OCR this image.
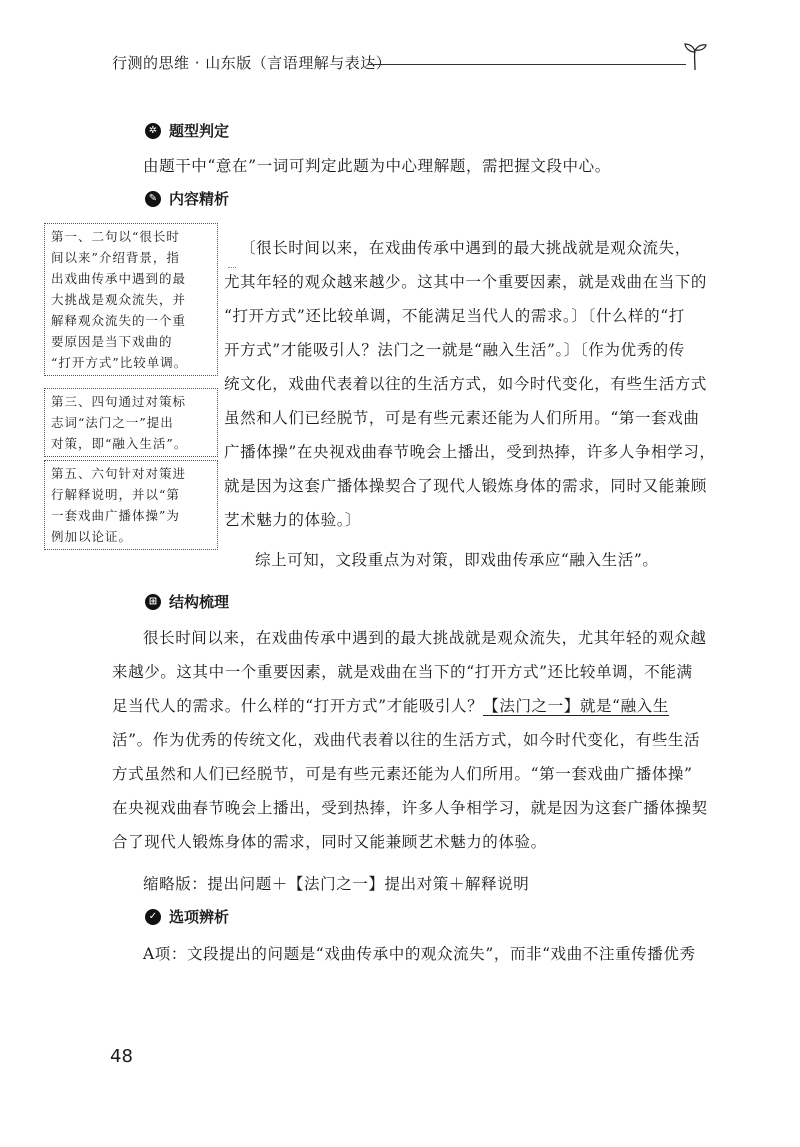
行测的思维 · 山东版（言语理解与表达）
✲ 题型判定
由题干中“意在”一词可判定此题为中心理解题，需把握文段中心。
✎ 内容精析
第一、二句以“很长时
间以来”介绍背景，指
出戏曲传承中遇到的最
大挑战是观众流失，并
解释观众流失的一个重
要原因是当下戏曲的
“打开方式”比较单调。
第三、四句通过对策标
志词“法门之一”提出
对策，即“融入生活”。
第五、六句针对对策进
行解释说明，并以“第
一套戏曲广播体操”为
例加以论证。
〔很长时间以来，在戏曲传承中遇到的最大挑战就是观众流失，
尤其年轻的观众越来越少。这其中一个重要因素，就是戏曲在当下的
“打开方式”还比较单调，不能满足当代人的需求。〕〔什么样的“打
开方式”才能吸引人？法门之一就是“融入生活”。〕〔作为优秀的传
统文化，戏曲代表着以往的生活方式，如今时代变化，有些生活方式
虽然和人们已经脱节，可是有些元素还能为人们所用。“第一套戏曲
广播体操”在央视戏曲春节晚会上播出，受到热捧，许多人争相学习，
就是因为这套广播体操契合了现代人锻炼身体的需求，同时又能兼顾
艺术魅力的体验。〕
综上可知，文段重点为对策，即戏曲传承应“融入生活”。
⊞ 结构梳理
很长时间以来，在戏曲传承中遇到的最大挑战就是观众流失，尤其年轻的观众越
来越少。这其中一个重要因素，就是戏曲在当下的“打开方式”还比较单调，不能满
足当代人的需求。什么样的“打开方式”才能吸引人？【法门之一】就是“融入生
活”。作为优秀的传统文化，戏曲代表着以往的生活方式，如今时代变化，有些生活
方式虽然和人们已经脱节，可是有些元素还能为人们所用。“第一套戏曲广播体操”
在央视戏曲春节晚会上播出，受到热捧，许多人争相学习，就是因为这套广播体操契
合了现代人锻炼身体的需求，同时又能兼顾艺术魅力的体验。
缩略版：提出问题＋【法门之一】提出对策＋解释说明
✓ 选项辨析
A项：文段提出的问题是“戏曲传承中的观众流失”，而非“戏曲不注重传播优秀
48
